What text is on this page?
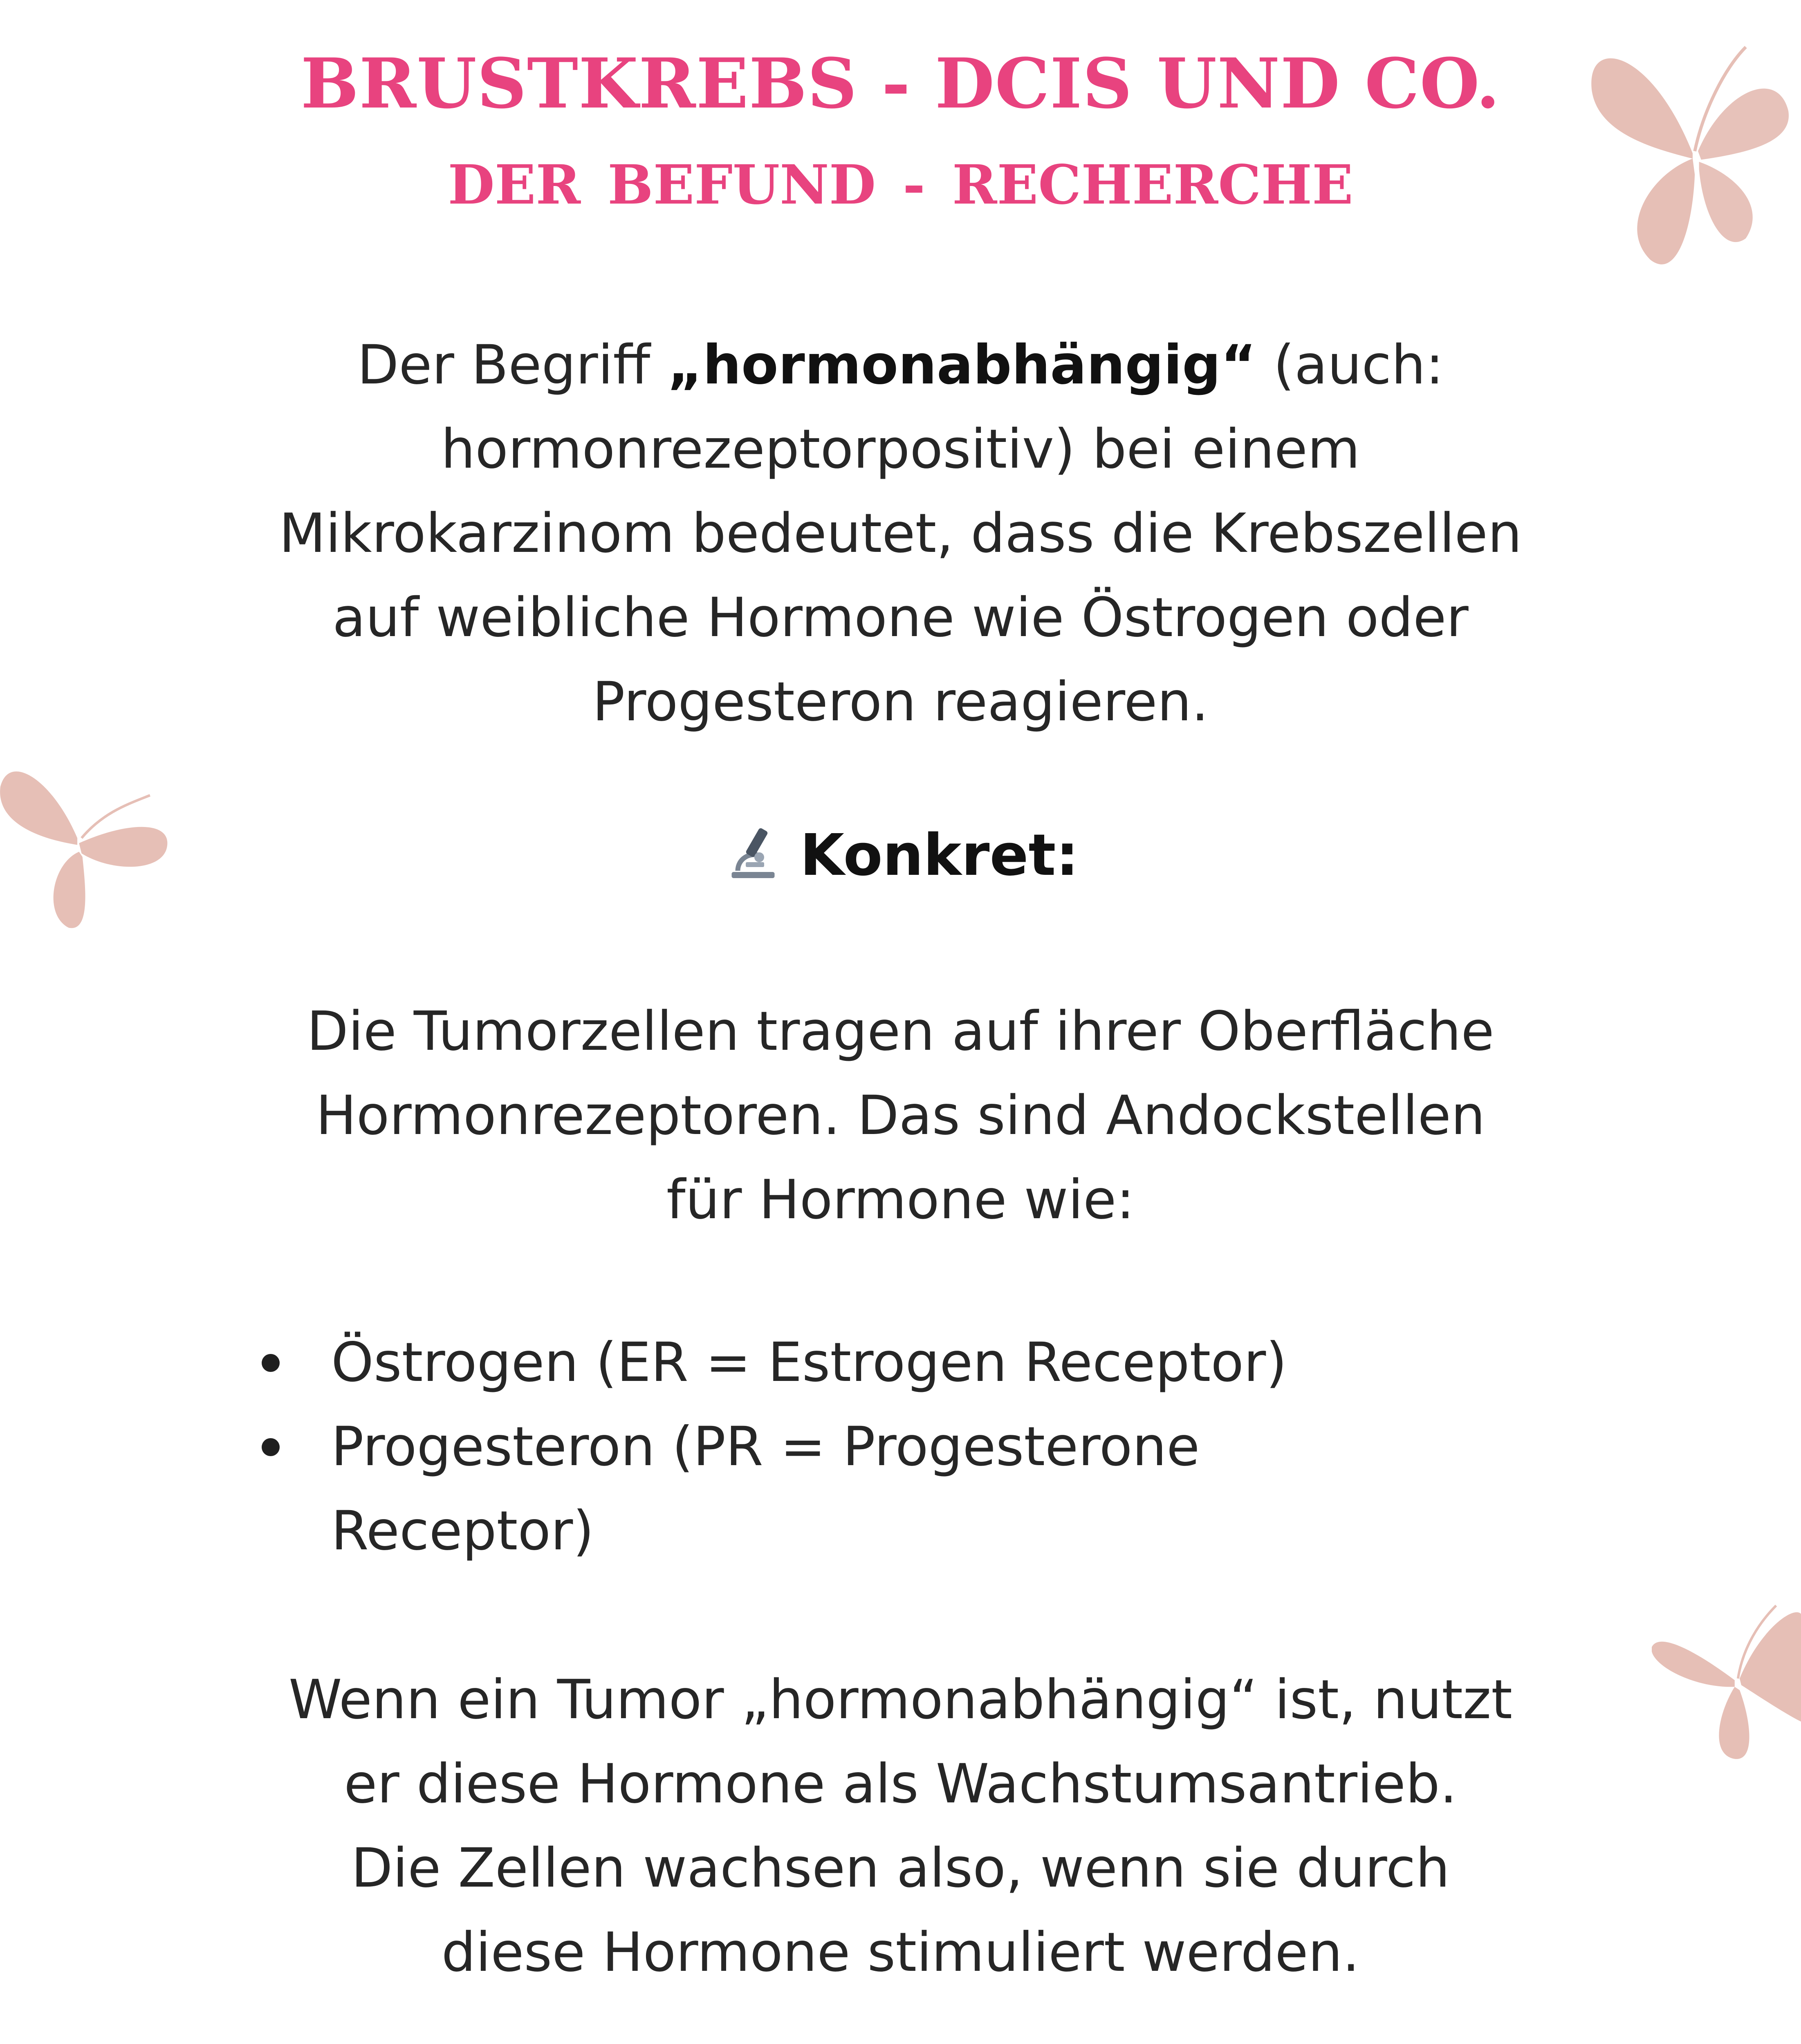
BRUSTKREBS - DCIS UND CO.
DER BEFUND - RECHERCHE
Der Begriff „hormonabhängig“ (auch:
hormonrezeptorpositiv) bei einem
Mikrokarzinom bedeutet, dass die Krebszellen
auf weibliche Hormone wie Östrogen oder
Progesteron reagieren.
Konkret:
Die Tumorzellen tragen auf ihrer Oberfläche
Hormonrezeptoren. Das sind Andockstellen
für Hormone wie:
Östrogen (ER = Estrogen Receptor)
Progesteron (PR = Progesterone Receptor)
Wenn ein Tumor „hormonabhängig“ ist, nutzt
er diese Hormone als Wachstumsantrieb.
Die Zellen wachsen also, wenn sie durch
diese Hormone stimuliert werden.
